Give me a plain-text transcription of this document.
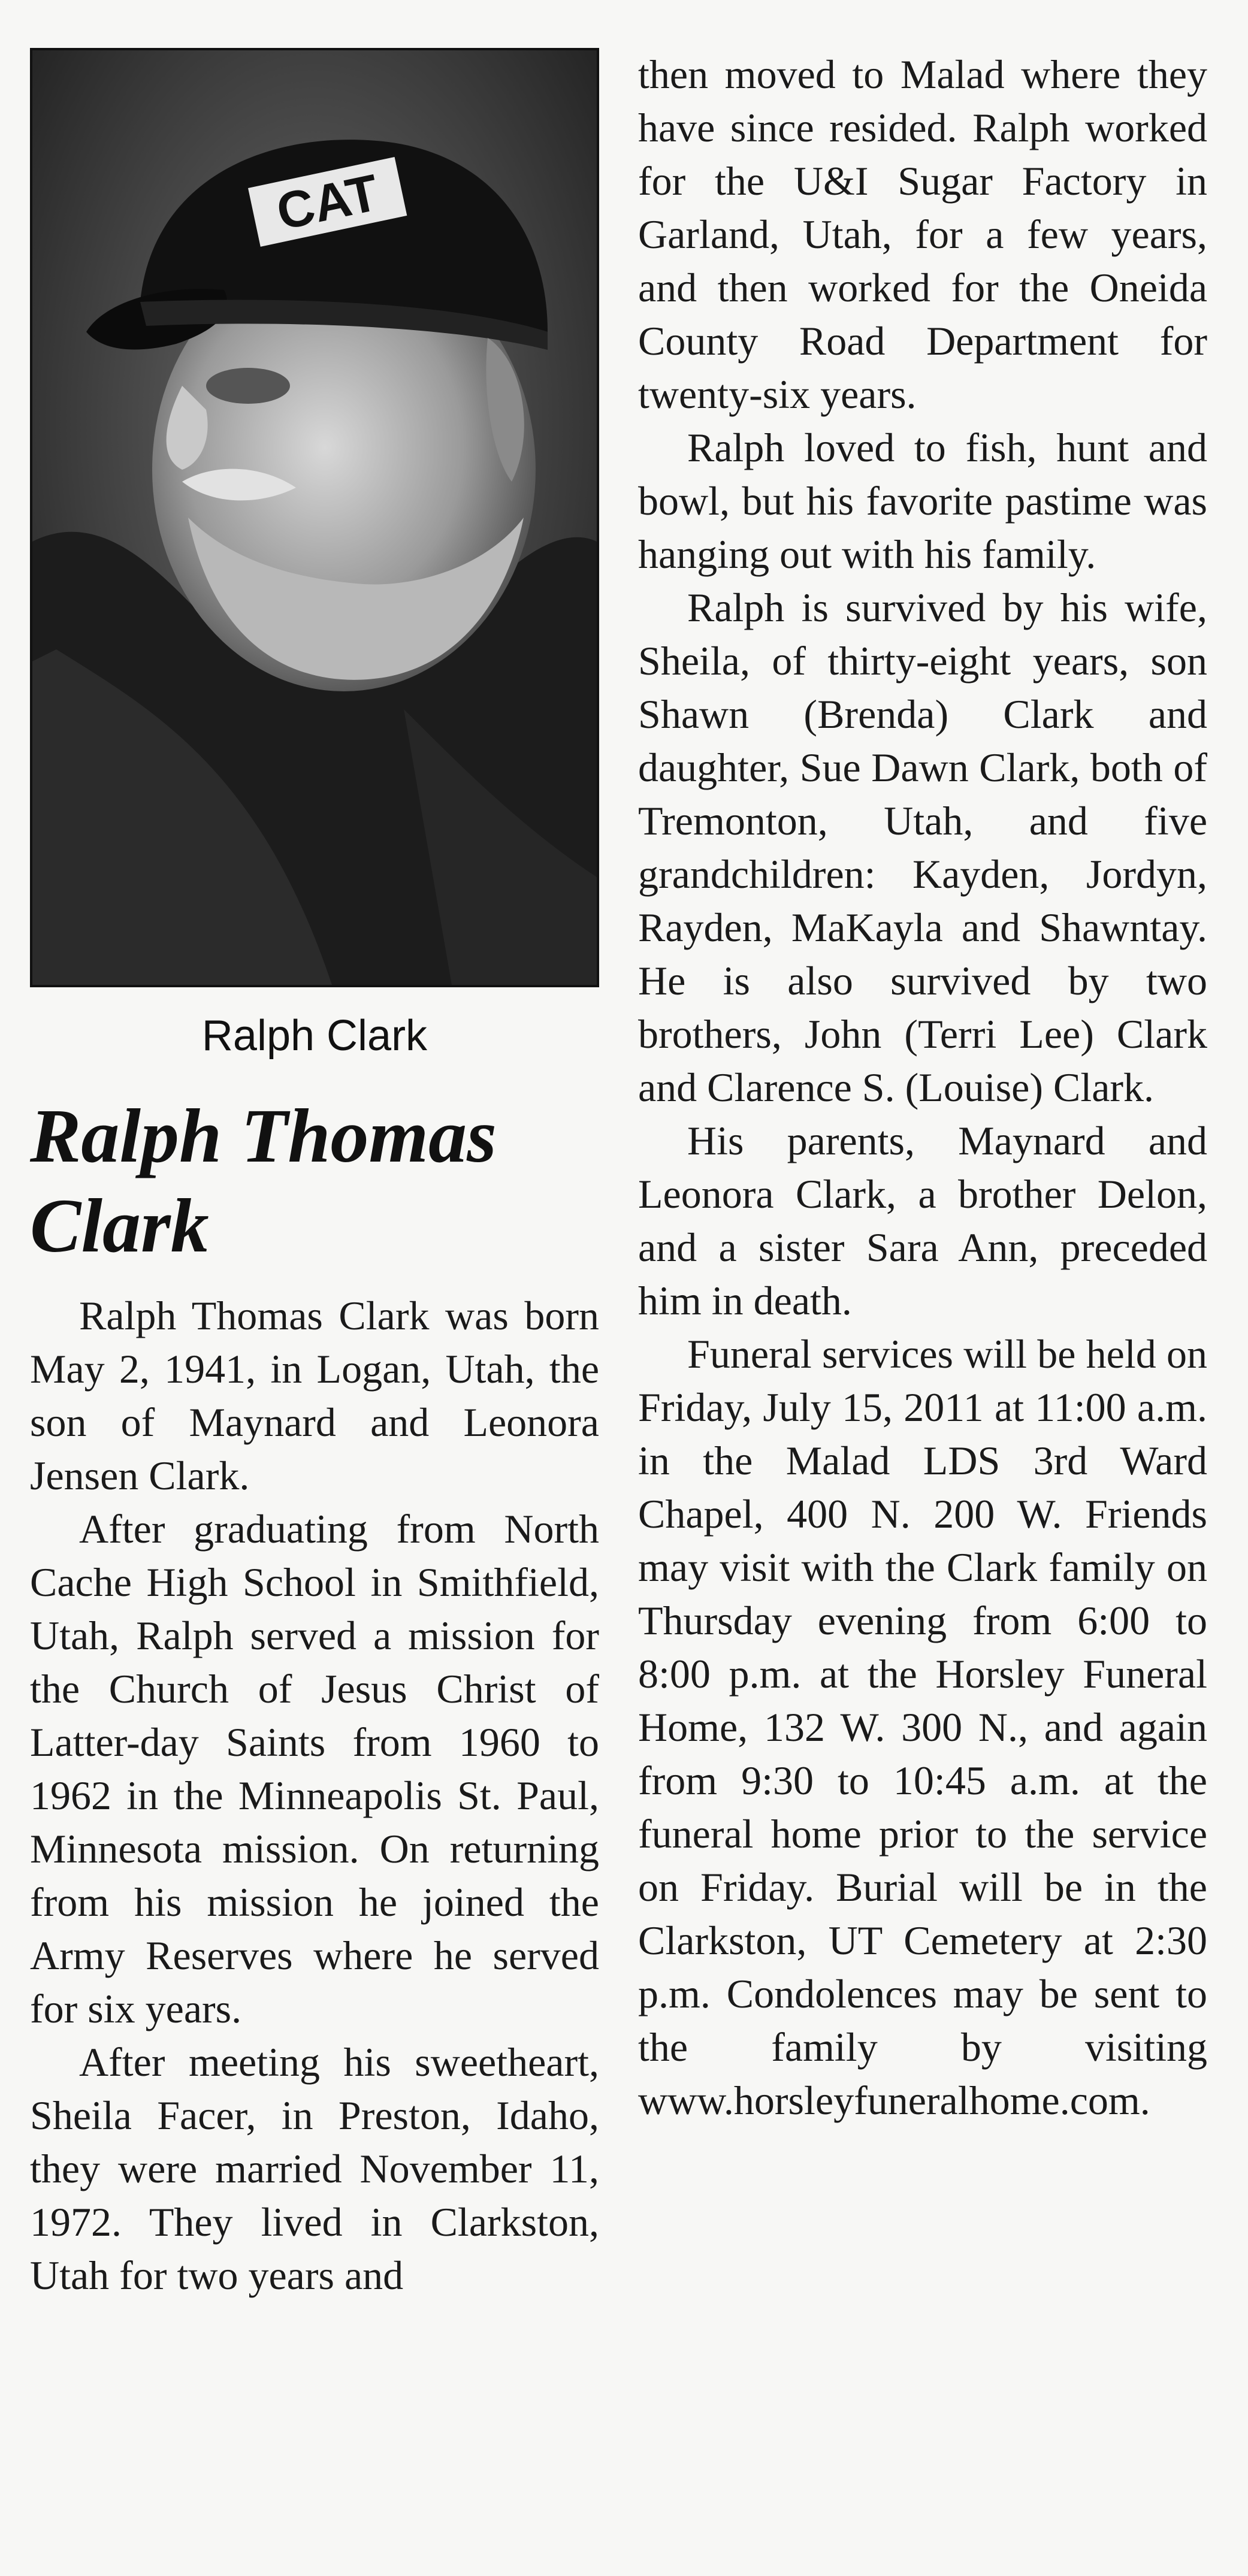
CAT
Ralph Clark
Ralph Thomas Clark

Ralph Thomas Clark was born May 2, 1941, in Logan, Utah, the son of Maynard and Leonora Jensen Clark.

After graduating from North Cache High School in Smithfield, Utah, Ralph served a mission for the Church of Jesus Christ of Latter-day Saints from 1960 to 1962 in the Minneapolis St. Paul, Minnesota mission. On returning from his mission he joined the Army Reserves where he served for six years.

After meeting his sweetheart, Sheila Facer, in Preston, Idaho, they were married November 11, 1972. They lived in Clarkston, Utah for two years and

then moved to Malad where they have since resided. Ralph worked for the U&I Sugar Factory in Garland, Utah, for a few years, and then worked for the Oneida County Road Department for twenty-six years.

Ralph loved to fish, hunt and bowl, but his favorite pastime was hanging out with his family.

Ralph is survived by his wife, Sheila, of thirty-eight years, son Shawn (Brenda) Clark and daughter, Sue Dawn Clark, both of Tremonton, Utah, and five grandchildren: Kayden, Jordyn, Rayden, MaKayla and Shawntay. He is also survived by two brothers, John (Terri Lee) Clark and Clarence S. (Louise) Clark.

His parents, Maynard and Leonora Clark, a brother Delon, and a sister Sara Ann, preceded him in death.

Funeral services will be held on Friday, July 15, 2011 at 11:00 a.m. in the Malad LDS 3rd Ward Chapel, 400 N. 200 W. Friends may visit with the Clark family on Thursday evening from 6:00 to 8:00 p.m. at the Horsley Funeral Home, 132 W. 300 N., and again from 9:30 to 10:45 a.m. at the funeral home prior to the service on Friday. Burial will be in the Clarkston, UT Cemetery at 2:30 p.m. Condolences may be sent to the family by visiting www.horsleyfuneralhome.com.
